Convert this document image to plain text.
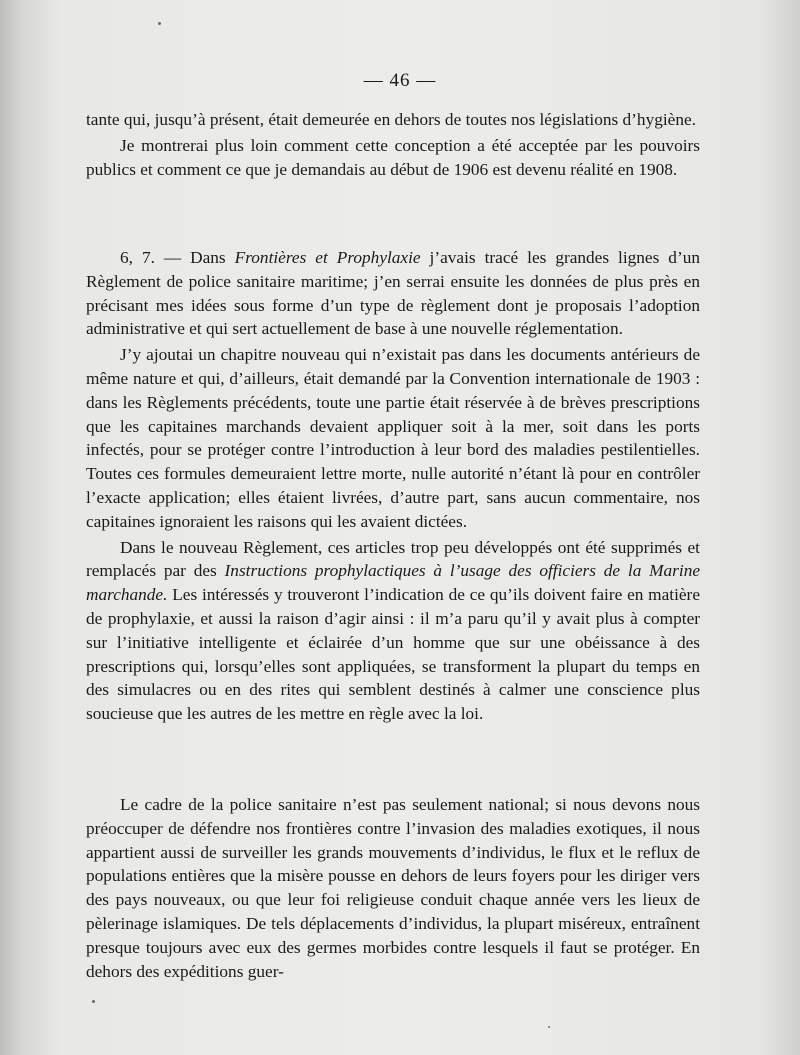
— 46 —

tante qui, jusqu’à présent, était demeurée en dehors de toutes nos législations d’hygiène.

Je montrerai plus loin comment cette conception a été acceptée par les pouvoirs publics et comment ce que je demandais au début de 1906 est devenu réalité en 1908.

6, 7. — Dans Frontières et Prophylaxie j’avais tracé les grandes lignes d’un Règlement de police sanitaire maritime; j’en serrai ensuite les données de plus près en précisant mes idées sous forme d’un type de règlement dont je proposais l’adoption administrative et qui sert actuellement de base à une nouvelle réglementation.

J’y ajoutai un chapitre nouveau qui n’existait pas dans les documents antérieurs de même nature et qui, d’ailleurs, était demandé par la Convention internationale de 1903 : dans les Règlements précédents, toute une partie était réservée à de brèves prescriptions que les capitaines marchands devaient appliquer soit à la mer, soit dans les ports infectés, pour se protéger contre l’introduction à leur bord des maladies pestilentielles. Toutes ces formules demeuraient lettre morte, nulle autorité n’étant là pour en contrôler l’exacte application; elles étaient livrées, d’autre part, sans aucun commentaire, nos capitaines ignoraient les raisons qui les avaient dictées.

Dans le nouveau Règlement, ces articles trop peu développés ont été supprimés et remplacés par des Instructions prophylactiques à l’usage des officiers de la Marine marchande. Les intéressés y trouveront l’indication de ce qu’ils doivent faire en matière de prophylaxie, et aussi la raison d’agir ainsi : il m’a paru qu’il y avait plus à compter sur l’initiative intelligente et éclairée d’un homme que sur une obéissance à des prescriptions qui, lorsqu’elles sont appliquées, se transforment la plupart du temps en des simulacres ou en des rites qui semblent destinés à calmer une conscience plus soucieuse que les autres de les mettre en règle avec la loi.

Le cadre de la police sanitaire n’est pas seulement national; si nous devons nous préoccuper de défendre nos frontières contre l’invasion des maladies exotiques, il nous appartient aussi de surveiller les grands mouvements d’individus, le flux et le reflux de populations entières que la misère pousse en dehors de leurs foyers pour les diriger vers des pays nouveaux, ou que leur foi religieuse conduit chaque année vers les lieux de pèlerinage islamiques. De tels déplacements d’individus, la plupart miséreux, entraînent presque toujours avec eux des germes morbides contre lesquels il faut se protéger. En dehors des expéditions guer-
